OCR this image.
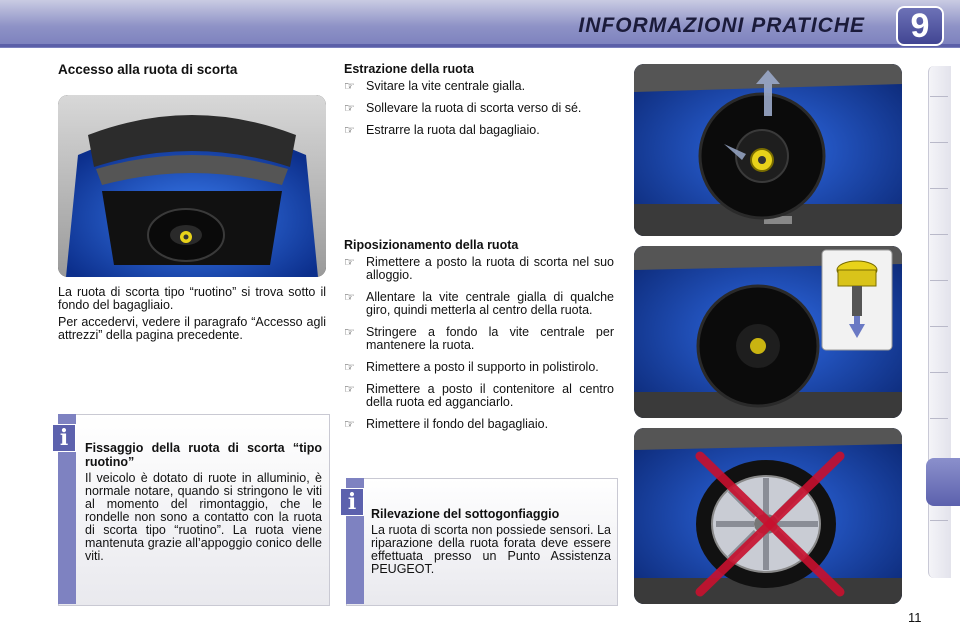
INFORMAZIONI PRATICHE	9
Accesso alla ruota di scorta
La ruota di scorta tipo “ruotino” si trova sotto il fondo del bagagliaio.
Per accedervi, vedere il paragrafo “Accesso agli attrezzi” della pagina precedente.
i	Fissaggio della ruota di scorta “tipo ruotino”
Il veicolo è dotato di ruote in alluminio, è normale notare, quando si stringono le viti al momento del rimontaggio, che le rondelle non sono a contatto con la ruota di scorta tipo “ruotino”. La ruota viene mantenuta grazie all’appoggio conico delle viti.
Estrazione della ruota
☞ Svitare la vite centrale gialla.
☞ Sollevare la ruota di scorta verso di sé.
☞ Estrarre la ruota dal bagagliaio.
Riposizionamento della ruota
☞ Rimettere a posto la ruota di scorta nel suo alloggio.
☞ Allentare la vite centrale gialla di qualche giro, quindi metterla al centro della ruota.
☞ Stringere a fondo la vite centrale per mantenere la ruota.
☞ Rimettere a posto il supporto in polistirolo.
☞ Rimettere a posto il contenitore al centro della ruota ed agganciarlo.
☞ Rimettere il fondo del bagagliaio.
i	Rilevazione del sottogonfiaggio
La ruota di scorta non possiede sensori. La riparazione della ruota forata deve essere effettuata presso un Punto Assistenza PEUGEOT.
11
